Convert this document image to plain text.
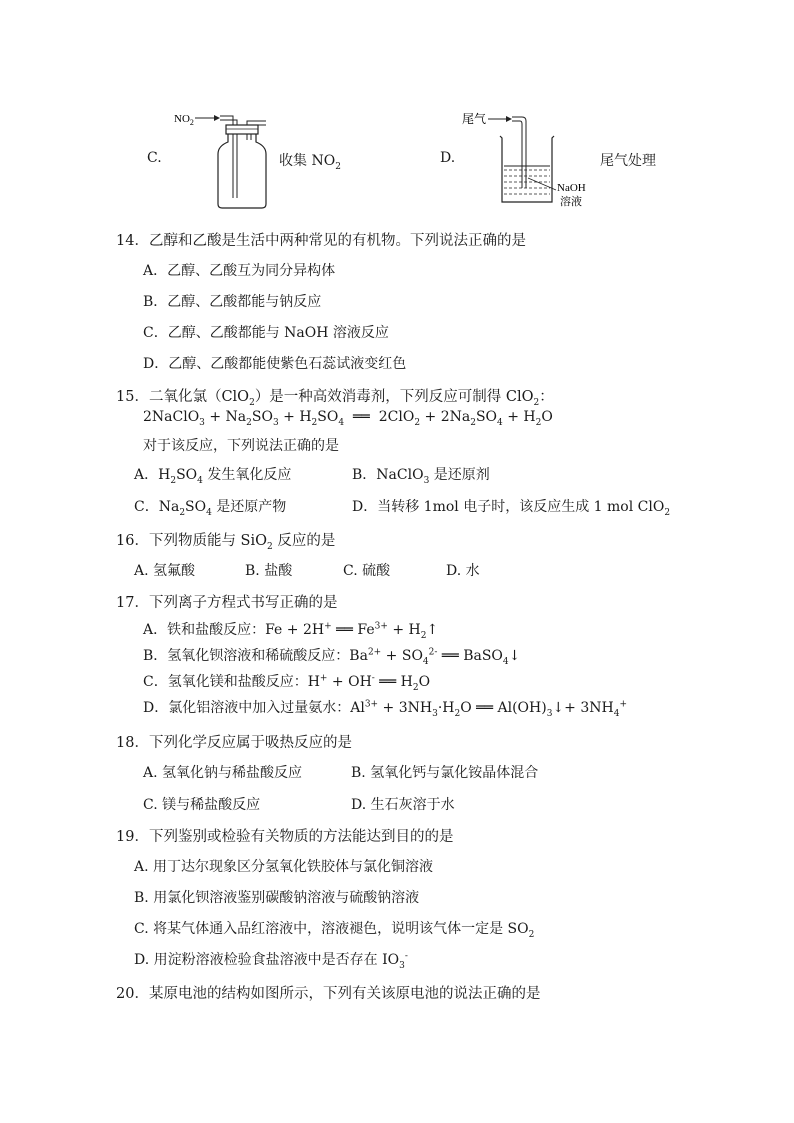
C.
$NO_2$
收集 $NO_2$
D.
尾气
NaOH
溶液
尾气处理
14．乙醇和乙酸是生活中两种常见的有机物。下列说法正确的是
A．乙醇、乙酸互为同分异构体
B．乙醇、乙酸都能与钠反应
C．乙醇、乙酸都能与 NaOH 溶液反应
D．乙醇、乙酸都能使紫色石蕊试液变红色
15．二氧化氯（ClO$_2$）是一种高效消毒剂，下列反应可制得 ClO$_2$：
2NaClO$_3$ + $Na_2SO_3 + H_2SO_4$ ══ $2ClO_2 + 2Na_2SO_4 + H_2O$
对于该反应，下列说法正确的是
A．$H_2SO_4$ 发生氧化反应	B．NaClO$_3$ 是还原剂
C．$Na_2SO_4$ 是还原产物	D．当转移 1mol 电子时，该反应生成 1 mol ClO$_2$
16．下列物质能与 SiO$_2$ 反应的是
A. 氢氟酸	B. 盐酸	C. 硫酸	D. 水
17．下列离子方程式书写正确的是
A．铁和盐酸反应：Fe + 2H+ ══ $Fe^{3+}$ + $H_2↑$
B．氢氧化钡溶液和稀硫酸反应：$Ba^{2+} + SO_4^{2-}$ ══ BaSO$_4$↓
C．氢氧化镁和盐酸反应：H+ + OH- ══ $H_2O$
D．氯化铝溶液中加入过量氨水：$Al^{3+} + 3NH_3\cdot H_2O$ ══ $Al(OH)_3↓+ 3NH_4^+$
18．下列化学反应属于吸热反应的是
A. 氢氧化钠与稀盐酸反应	B. 氢氧化钙与氯化铵晶体混合
C. 镁与稀盐酸反应	D. 生石灰溶于水
19．下列鉴别或检验有关物质的方法能达到目的的是
A. 用丁达尔现象区分氢氧化铁胶体与氯化铜溶液
B. 用氯化钡溶液鉴别碳酸钠溶液与硫酸钠溶液
C. 将某气体通入品红溶液中，溶液褪色，说明该气体一定是 $SO_2$
D. 用淀粉溶液检验食盐溶液中是否存在 $IO_3^-$
20．某原电池的结构如图所示，下列有关该原电池的说法正确的是
